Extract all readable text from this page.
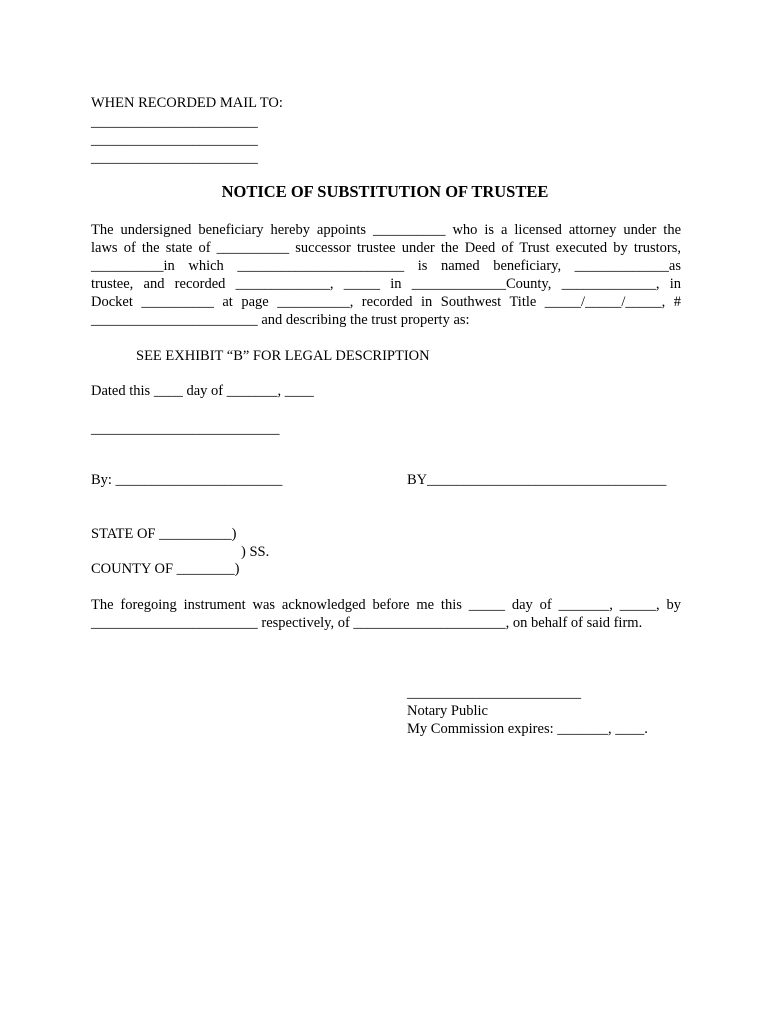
WHEN RECORDED MAIL TO:
_______________________
_______________________
_______________________
NOTICE OF SUBSTITUTION OF TRUSTEE
The undersigned beneficiary hereby appoints __________ who is a licensed attorney under the
laws of the state of __________ successor trustee under the Deed of Trust executed by trustors,
__________in which _______________________ is named beneficiary, _____________as
trustee, and recorded _____________, _____ in _____________County, _____________, in
Docket __________ at page __________, recorded in Southwest Title _____/_____/_____, #
_______________________ and describing the trust property as:
SEE EXHIBIT “B” FOR LEGAL DESCRIPTION
Dated this ____ day of _______, ____
__________________________
By: _______________________	BY_________________________________
STATE OF __________)
) SS.
COUNTY OF ________)
The foregoing instrument was acknowledged before me this _____ day of _______, _____, by
_______________________ respectively, of _____________________, on behalf of said firm.
________________________
Notary Public
My Commission expires: _______, ____.
